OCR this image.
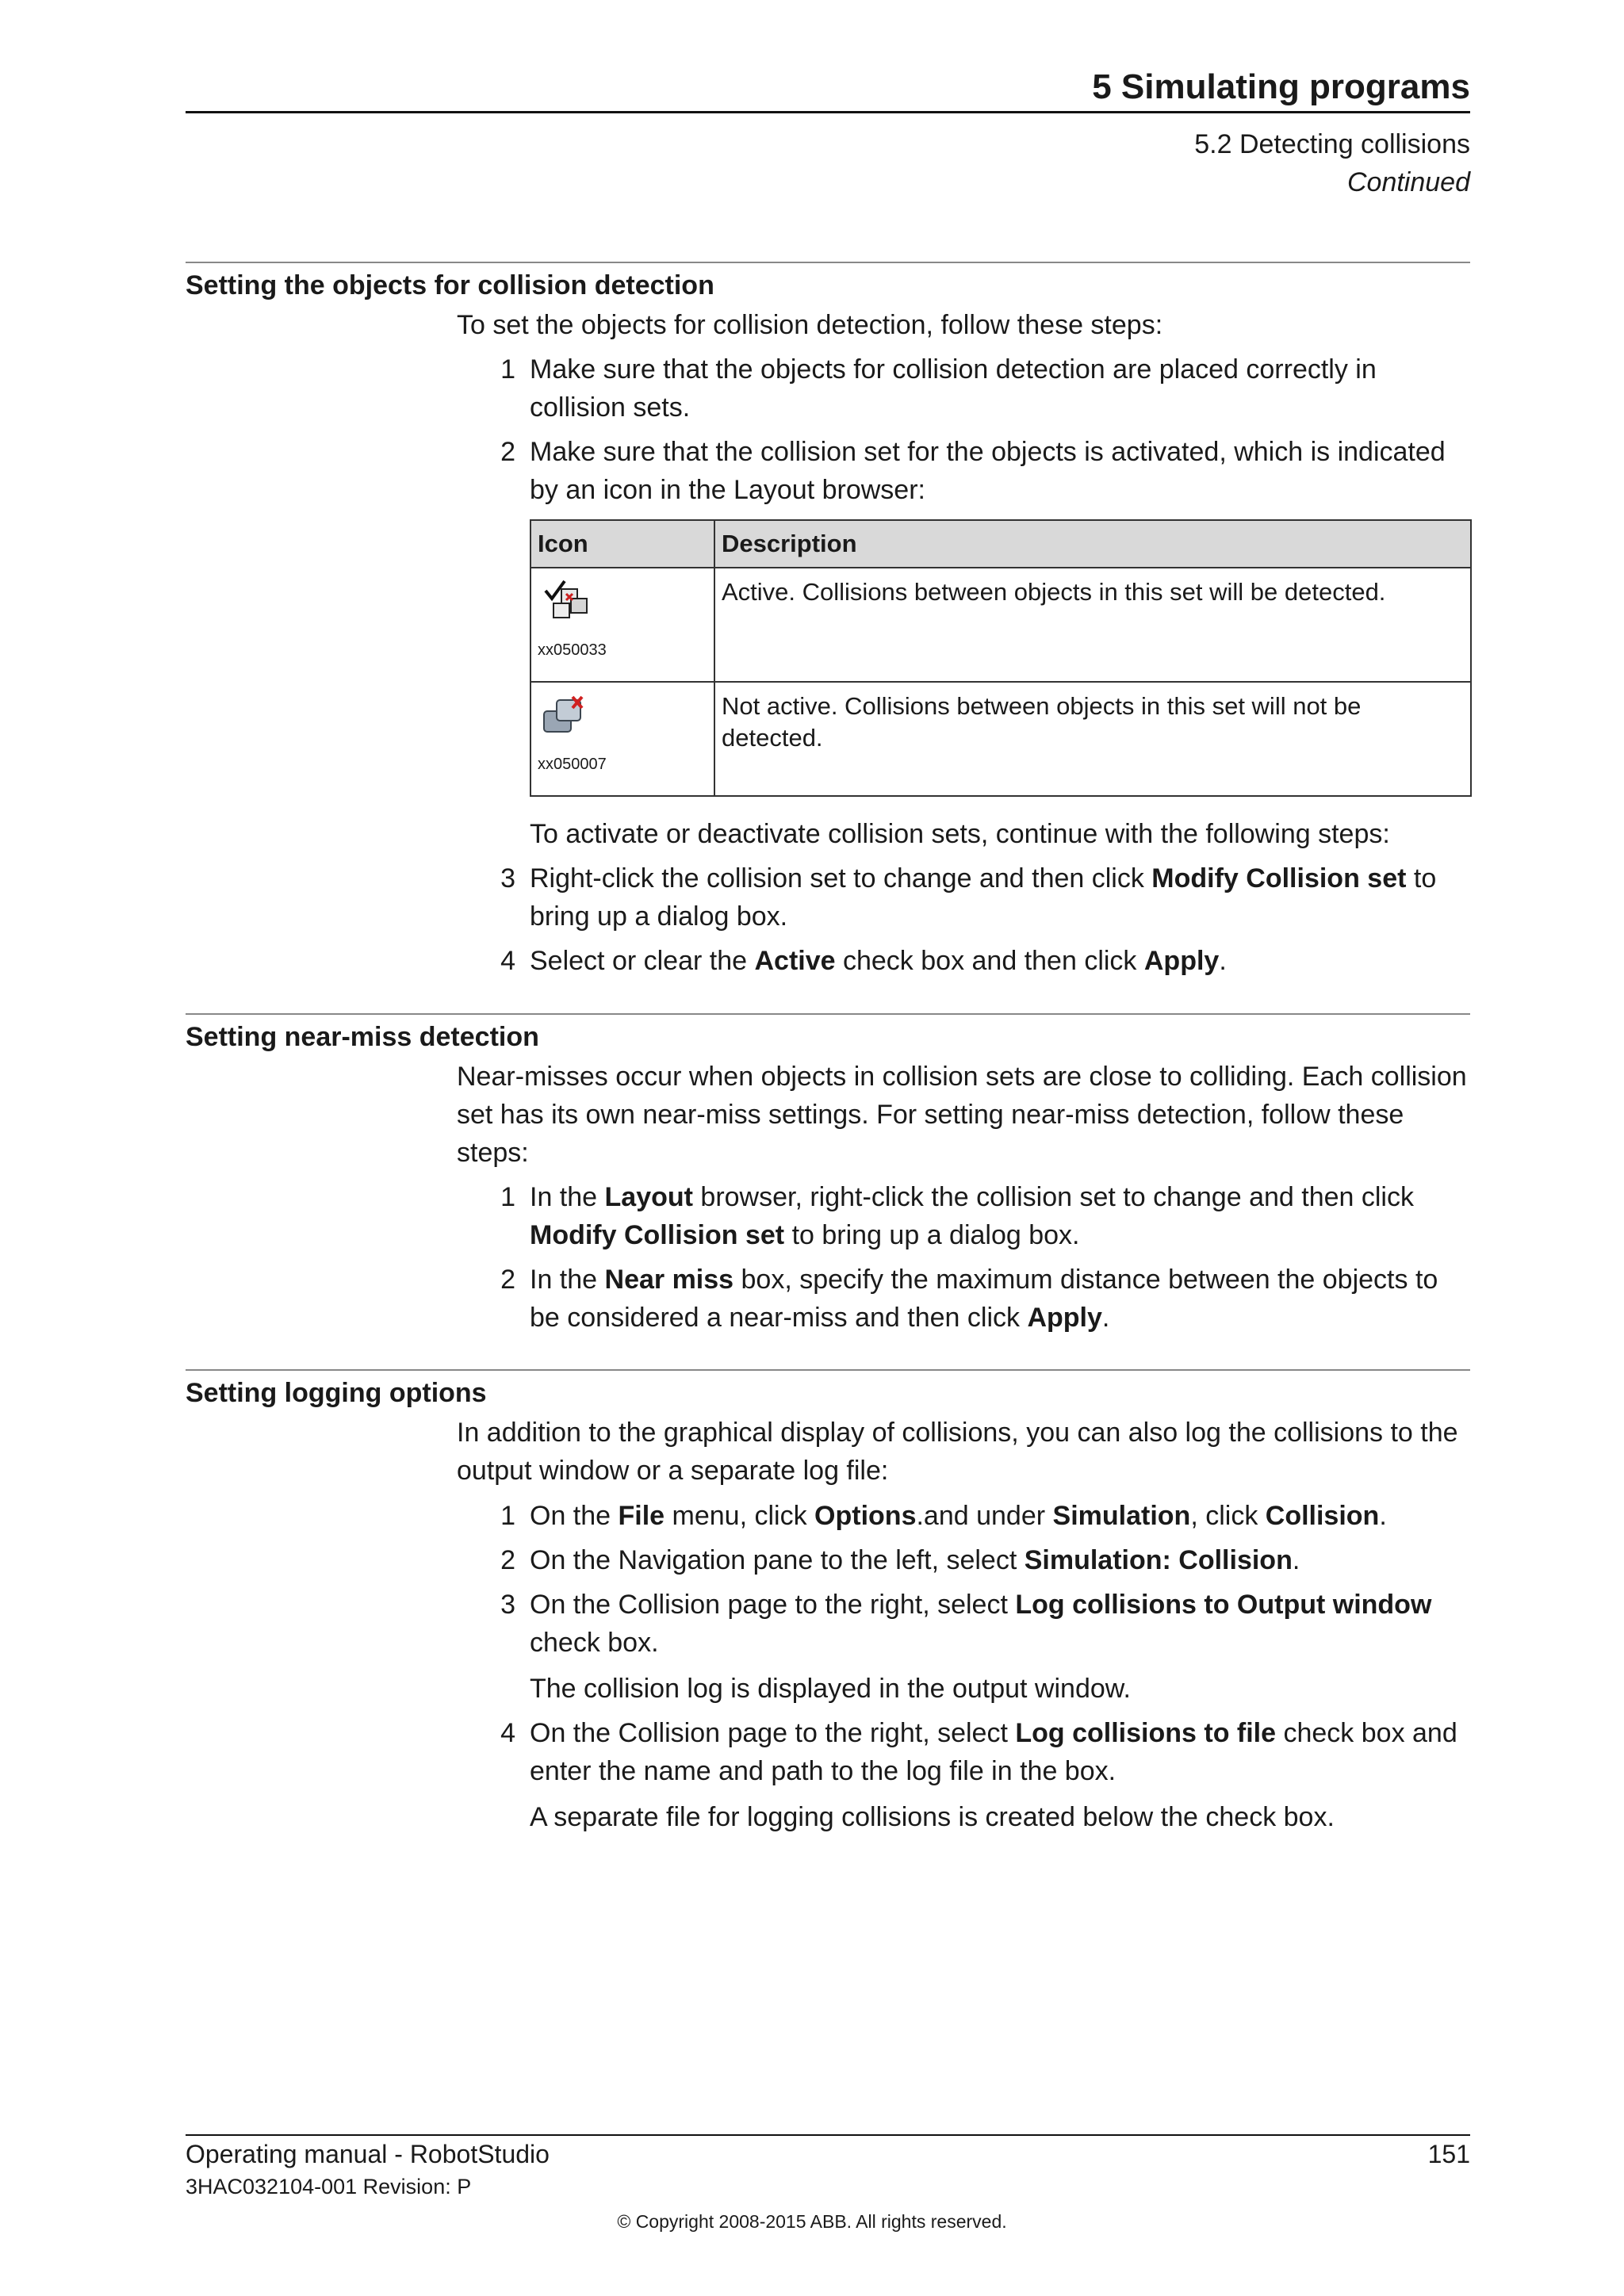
5 Simulating programs
5.2 Detecting collisions
Continued
Setting the objects for collision detection

To set the objects for collision detection, follow these steps:

1 Make sure that the objects for collision detection are placed correctly in collision sets.
2 Make sure that the collision set for the objects is activated, which is indicated by an icon in the Layout browser:
Icon	Description

xx050033	Active. Collisions between objects in this set will be detected.

xx050007	Not active. Collisions between objects in this set will not be detected.
To activate or deactivate collision sets, continue with the following steps:
3 Right-click the collision set to change and then click Modify Collision set to bring up a dialog box.
4 Select or clear the Active check box and then click Apply.
Setting near-miss detection

Near-misses occur when objects in collision sets are close to colliding. Each collision set has its own near-miss settings. For setting near-miss detection, follow these steps:

1 In the Layout browser, right-click the collision set to change and then click Modify Collision set to bring up a dialog box.
2 In the Near miss box, specify the maximum distance between the objects to be considered a near-miss and then click Apply.
Setting logging options

In addition to the graphical display of collisions, you can also log the collisions to the output window or a separate log file:

1 On the File menu, click Options.and under Simulation, click Collision.
2 On the Navigation pane to the left, select Simulation: Collision.
3 On the Collision page to the right, select Log collisions to Output window check box.
The collision log is displayed in the output window.
4 On the Collision page to the right, select Log collisions to file check box and enter the name and path to the log file in the box.
A separate file for logging collisions is created below the check box.
Operating manual - RobotStudio	151
3HAC032104-001 Revision: P
© Copyright 2008-2015 ABB. All rights reserved.
